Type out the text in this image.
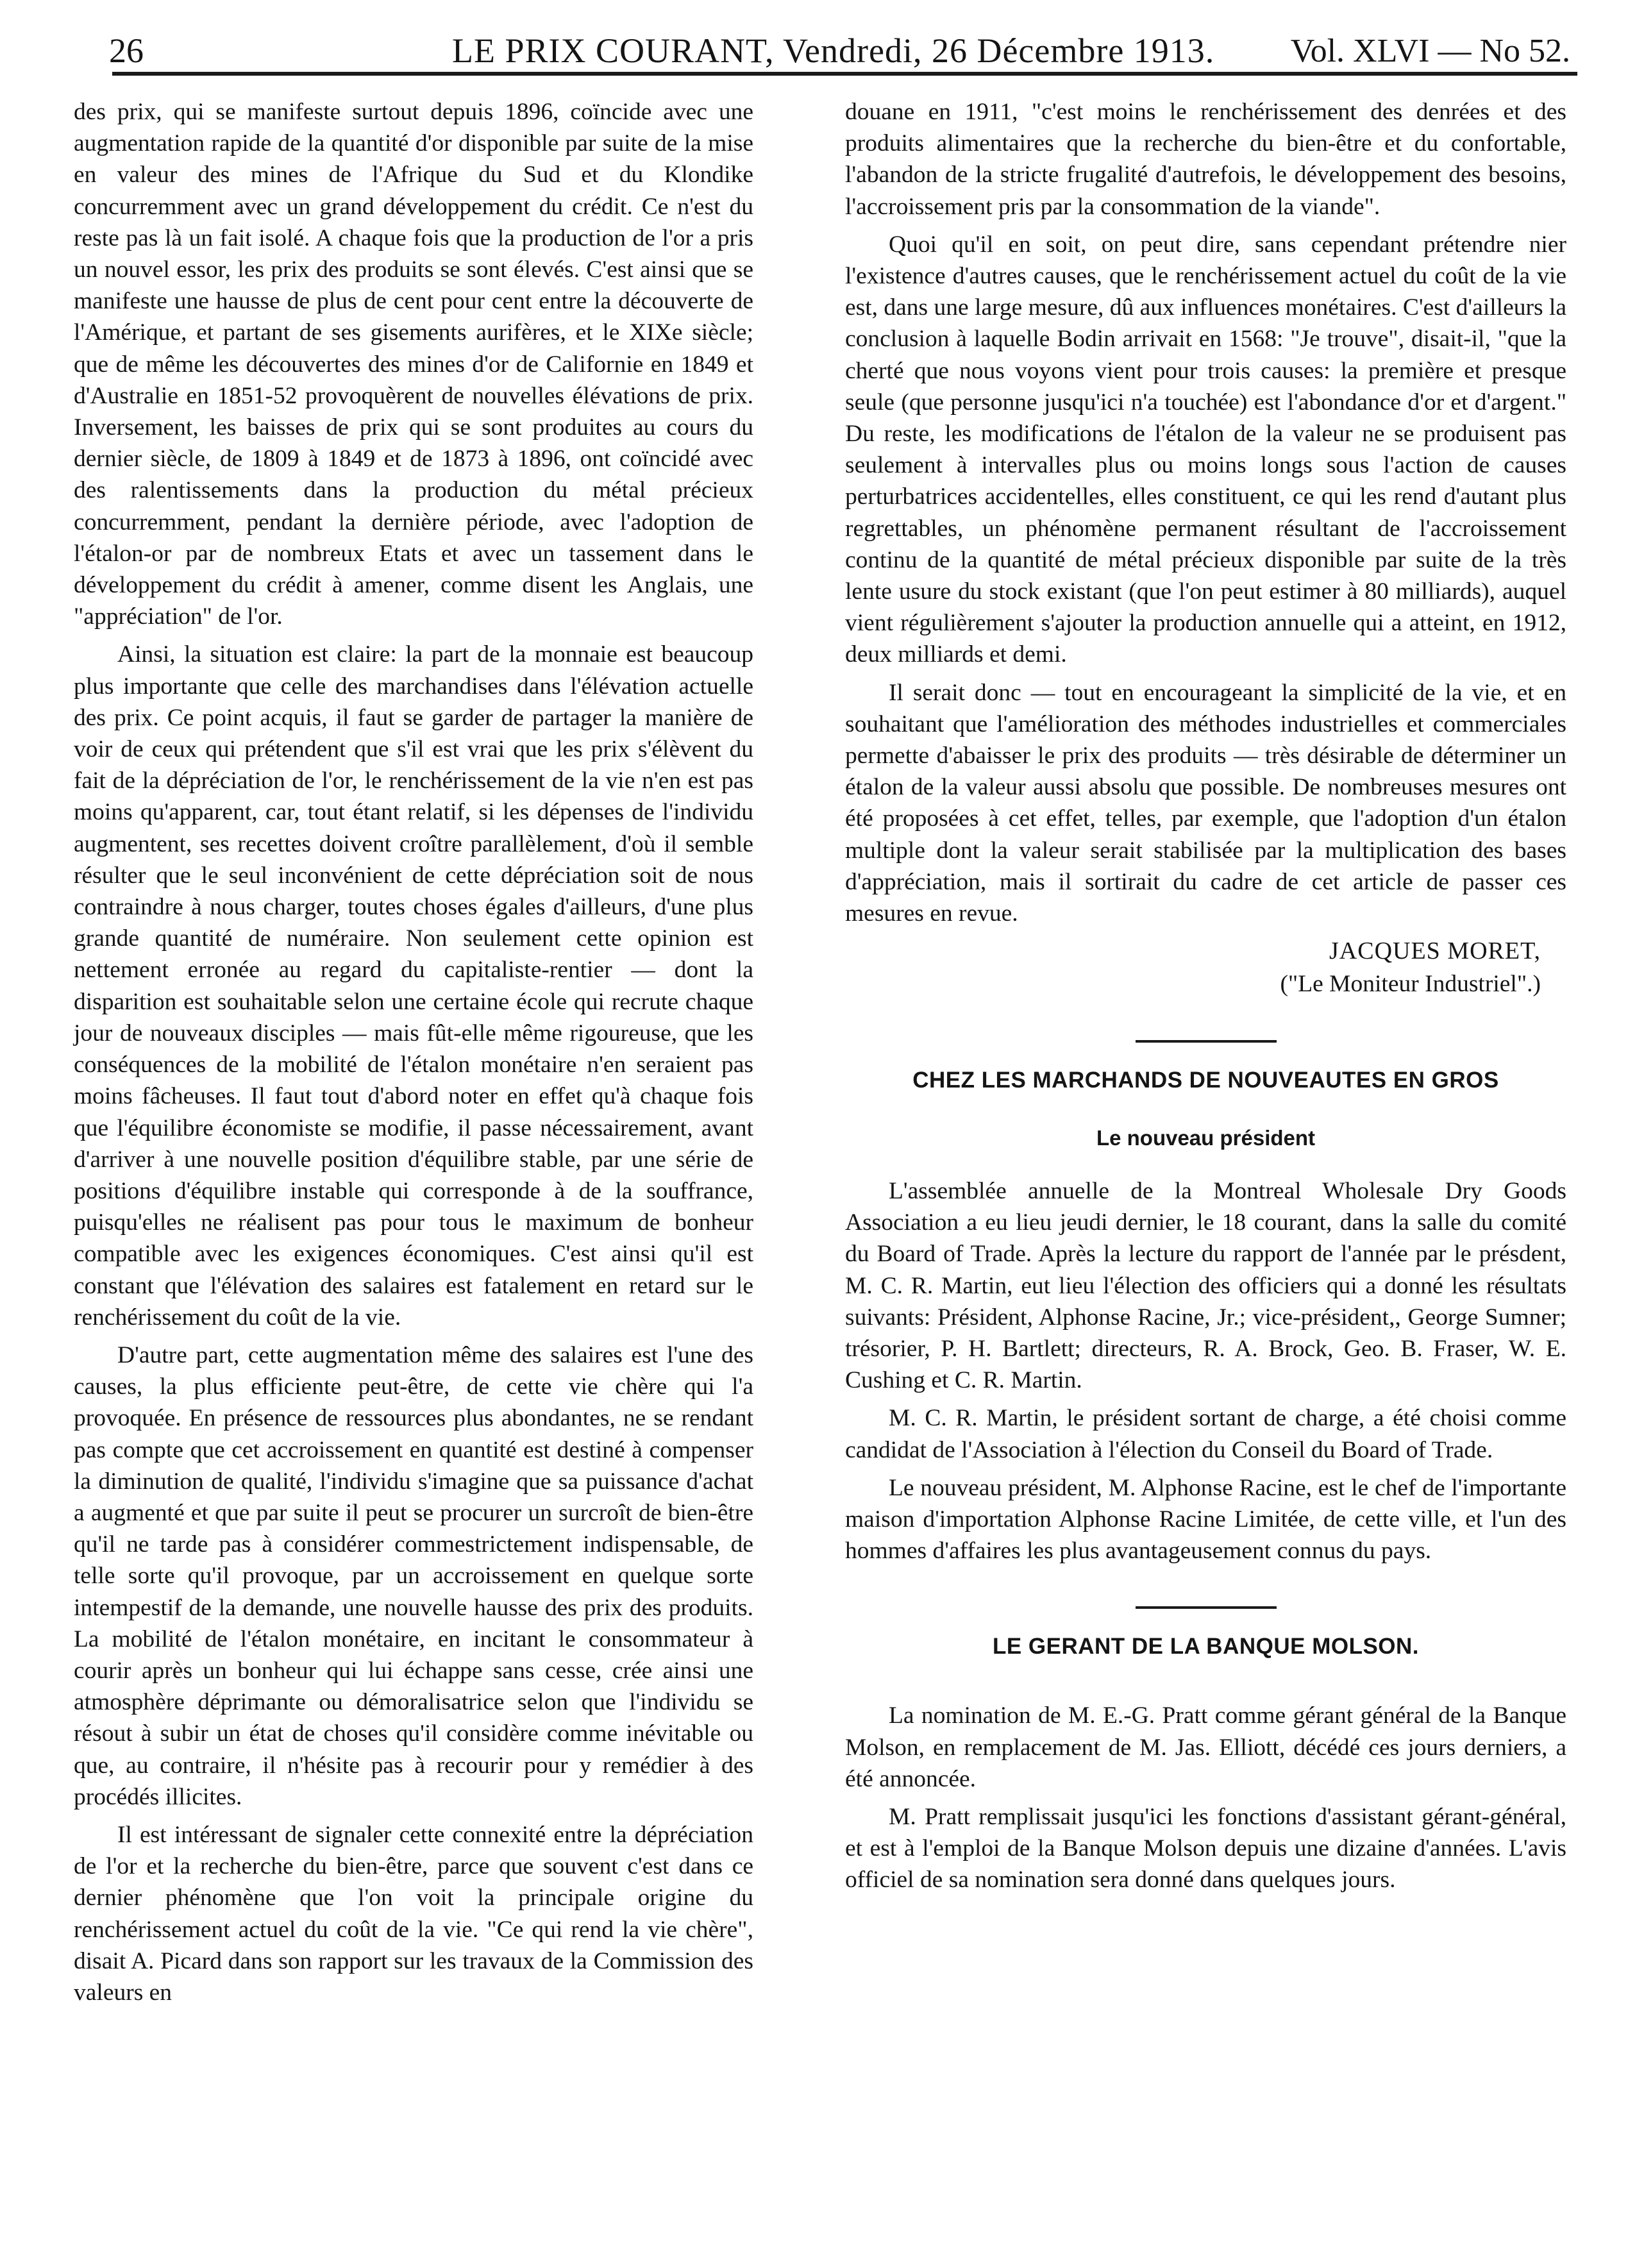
26	LE PRIX COURANT, Vendredi, 26 Décembre 1913. Vol. XLVI — No 52.

des prix, qui se manifeste surtout depuis 1896, coïncide avec une augmentation rapide de la quantité d'or disponible par suite de la mise en valeur des mines de l'Afrique du Sud et du Klondike concurremment avec un grand développement du crédit. Ce n'est du reste pas là un fait isolé. A chaque fois que la production de l'or a pris un nouvel essor, les prix des produits se sont élevés. C'est ainsi que se manifeste une hausse de plus de cent pour cent entre la découverte de l'Amérique, et partant de ses gisements aurifères, et le XIXe siècle; que de même les découvertes des mines d'or de Californie en 1849 et d'Australie en 1851-52 provoquèrent de nouvelles élévations de prix. Inversement, les baisses de prix qui se sont produites au cours du dernier siècle, de 1809 à 1849 et de 1873 à 1896, ont coïncidé avec des ralentissements dans la production du métal précieux concurremment, pendant la dernière période, avec l'adoption de l'étalon-or par de nombreux Etats et avec un tassement dans le développement du crédit à amener, comme disent les Anglais, une "appréciation" de l'or.

Ainsi, la situation est claire: la part de la monnaie est beaucoup plus importante que celle des marchandises dans l'élévation actuelle des prix. Ce point acquis, il faut se garder de partager la manière de voir de ceux qui prétendent que s'il est vrai que les prix s'élèvent du fait de la dépréciation de l'or, le renchérissement de la vie n'en est pas moins qu'apparent, car, tout étant relatif, si les dépenses de l'individu augmentent, ses recettes doivent croître parallèlement, d'où il semble résulter que le seul inconvénient de cette dépréciation soit de nous contraindre à nous charger, toutes choses égales d'ailleurs, d'une plus grande quantité de numéraire. Non seulement cette opinion est nettement erronée au regard du capitaliste-rentier — dont la disparition est souhaitable selon une certaine école qui recrute chaque jour de nouveaux disciples — mais fût-elle même rigoureuse, que les conséquences de la mobilité de l'étalon monétaire n'en seraient pas moins fâcheuses. Il faut tout d'abord noter en effet qu'à chaque fois que l'équilibre économiste se modifie, il passe nécessairement, avant d'arriver à une nouvelle position d'équilibre stable, par une série de positions d'équilibre instable qui corresponde à de la souffrance, puisqu'elles ne réalisent pas pour tous le maximum de bonheur compatible avec les exigences économiques. C'est ainsi qu'il est constant que l'élévation des salaires est fatalement en retard sur le renchérissement du coût de la vie.

D'autre part, cette augmentation même des salaires est l'une des causes, la plus efficiente peut-être, de cette vie chère qui l'a provoquée. En présence de ressources plus abondantes, ne se rendant pas compte que cet accroissement en quantité est destiné à compenser la diminution de qualité, l'individu s'imagine que sa puissance d'achat a augmenté et que par suite il peut se procurer un surcroît de bien-être qu'il ne tarde pas à considérer commestrictement indispensable, de telle sorte qu'il provoque, par un accroissement en quelque sorte intempestif de la demande, une nouvelle hausse des prix des produits. La mobilité de l'étalon monétaire, en incitant le consommateur à courir après un bonheur qui lui échappe sans cesse, crée ainsi une atmosphère déprimante ou démoralisatrice selon que l'individu se résout à subir un état de choses qu'il considère comme inévitable ou que, au contraire, il n'hésite pas à recourir pour y remédier à des procédés illicites.

Il est intéressant de signaler cette connexité entre la dépréciation de l'or et la recherche du bien-être, parce que souvent c'est dans ce dernier phénomène que l'on voit la principale origine du renchérissement actuel du coût de la vie. "Ce qui rend la vie chère", disait A. Picard dans son rapport sur les travaux de la Commission des valeurs en

douane en 1911, "c'est moins le renchérissement des denrées et des produits alimentaires que la recherche du bien-être et du confortable, l'abandon de la stricte frugalité d'autrefois, le développement des besoins, l'accroissement pris par la consommation de la viande".

Quoi qu'il en soit, on peut dire, sans cependant prétendre nier l'existence d'autres causes, que le renchérissement actuel du coût de la vie est, dans une large mesure, dû aux influences monétaires. C'est d'ailleurs la conclusion à laquelle Bodin arrivait en 1568: "Je trouve", disait-il, "que la cherté que nous voyons vient pour trois causes: la première et presque seule (que personne jusqu'ici n'a touchée) est l'abondance d'or et d'argent." Du reste, les modifications de l'étalon de la valeur ne se produisent pas seulement à intervalles plus ou moins longs sous l'action de causes perturbatrices accidentelles, elles constituent, ce qui les rend d'autant plus regrettables, un phénomène permanent résultant de l'accroissement continu de la quantité de métal précieux disponible par suite de la très lente usure du stock existant (que l'on peut estimer à 80 milliards), auquel vient régulièrement s'ajouter la production annuelle qui a atteint, en 1912, deux milliards et demi.

Il serait donc — tout en encourageant la simplicité de la vie, et en souhaitant que l'amélioration des méthodes industrielles et commerciales permette d'abaisser le prix des produits — très désirable de déterminer un étalon de la valeur aussi absolu que possible. De nombreuses mesures ont été proposées à cet effet, telles, par exemple, que l'adoption d'un étalon multiple dont la valeur serait stabilisée par la multiplication des bases d'appréciation, mais il sortirait du cadre de cet article de passer ces mesures en revue.

JACQUES MORET,
("Le Moniteur Industriel".)
CHEZ LES MARCHANDS DE NOUVEAUTES EN GROS
Le nouveau président

L'assemblée annuelle de la Montreal Wholesale Dry Goods Association a eu lieu jeudi dernier, le 18 courant, dans la salle du comité du Board of Trade. Après la lecture du rapport de l'année par le présdent, M. C. R. Martin, eut lieu l'élection des officiers qui a donné les résultats suivants: Président, Alphonse Racine, Jr.; vice-président,, George Sumner; trésorier, P. H. Bartlett; directeurs, R. A. Brock, Geo. B. Fraser, W. E. Cushing et C. R. Martin.

M. C. R. Martin, le président sortant de charge, a été choisi comme candidat de l'Association à l'élection du Conseil du Board of Trade.

Le nouveau président, M. Alphonse Racine, est le chef de l'importante maison d'importation Alphonse Racine Limitée, de cette ville, et l'un des hommes d'affaires les plus avantageusement connus du pays.

LE GERANT DE LA BANQUE MOLSON.

La nomination de M. E.-G. Pratt comme gérant général de la Banque Molson, en remplacement de M. Jas. Elliott, décédé ces jours derniers, a été annoncée.

M. Pratt remplissait jusqu'ici les fonctions d'assistant gérant-général, et est à l'emploi de la Banque Molson depuis une dizaine d'années. L'avis officiel de sa nomination sera donné dans quelques jours.
